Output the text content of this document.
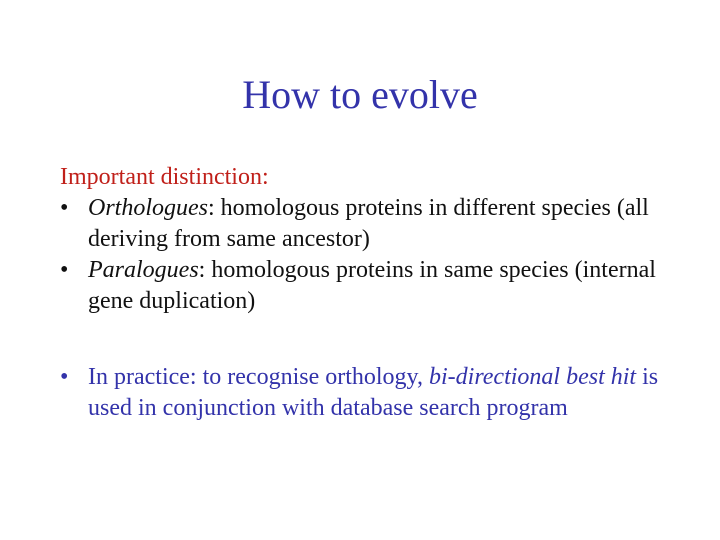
How to evolve
Important distinction:
• Orthologues: homologous proteins in different species (all deriving from same ancestor)
• Paralogues: homologous proteins in same species (internal gene duplication)
• In practice: to recognise orthology, bi-directional best hit is used in conjunction with database search program
